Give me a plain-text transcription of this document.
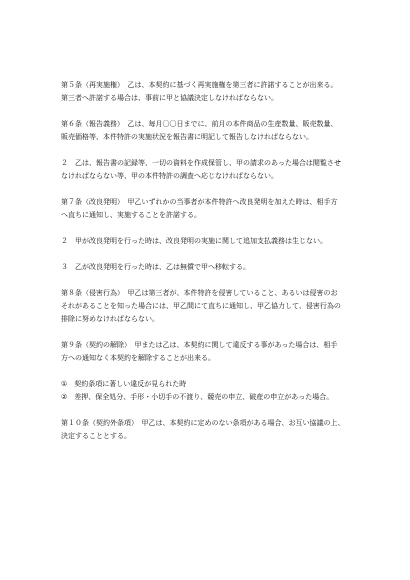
第５条（再実施権）　乙は、本契約に基づく再実施権を第三者に許諾することが出来る。

第三者へ許諾する場合は、事前に甲と協議決定しなければならない。

第６条（報告義務）　乙は、毎月〇〇日までに、前月の本件商品の生産数量、販売数量、

販売価格等、本件特許の実施状況を報告書に明記して報告しなければならない。

２　乙は、報告書の記録等、一切の資料を作成保管し、甲の請求のあった場合は閲覧させ

なければならない等、甲の本件特許の調査へ応じなければならない。

第７条（改良発明）　甲乙いずれかの当事者が本件特許へ改良発明を加えた時は、相手方

へ直ちに通知し、実施することを許諾する。

２　甲が改良発明を行った時は、改良発明の実施に関して追加支払義務は生じない。

３　乙が改良発明を行った時は、乙は無償で甲へ移転する。

第８条（侵害行為）　甲乙は第三者が、本件特許を侵害していること、あるいは侵害のお

それがあることを知った場合には、甲乙間にて直ちに通知し、甲乙協力して、侵害行為の

排除に努めなければならない。

第９条（契約の解除）　甲または乙は、本契約に関して違反する事があった場合は、相手

方への通知なく本契約を解除することが出来る。

①　契約条項に著しい違反が見られた時

②　差押、保全処分、手形・小切手の不渡り、競売の申立、破産の申立があった場合。

第１０条（契約外条項）　甲乙は、本契約に定めのない条項がある場合、お互い協議の上、

決定することとする。
